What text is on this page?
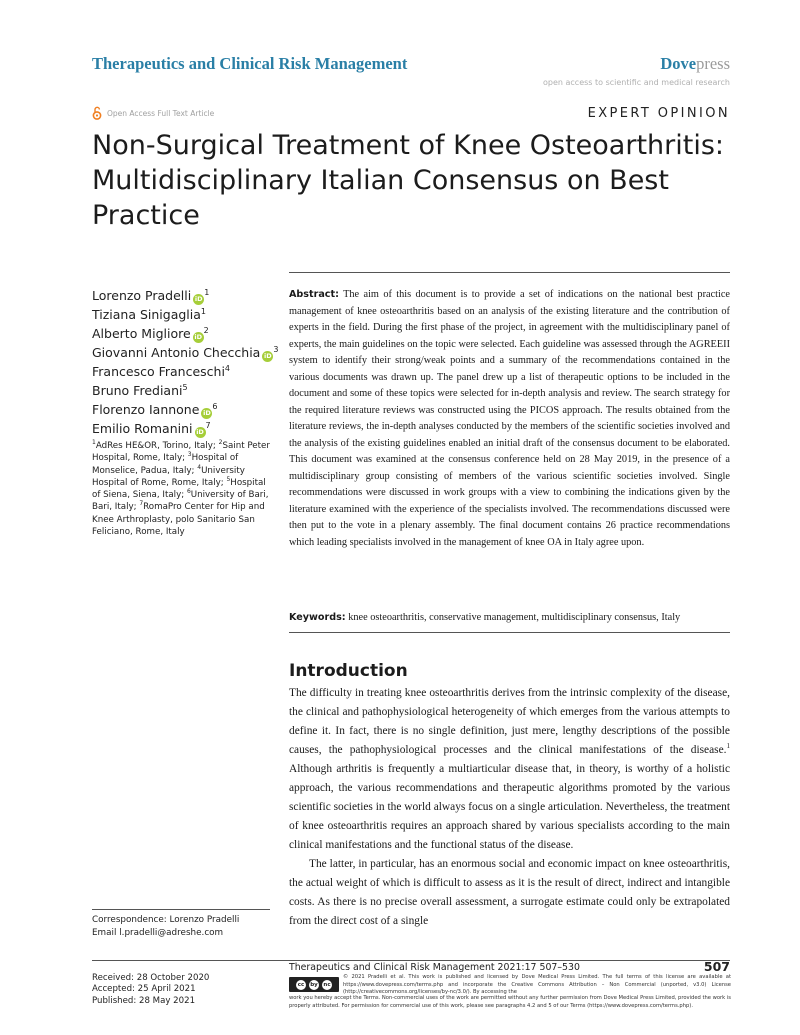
Therapeutics and Clinical Risk Management	Dovepress
open access to scientific and medical research
Open Access Full Text Article	EXPERT OPINION
Non-Surgical Treatment of Knee Osteoarthritis:
Multidisciplinary Italian Consensus on Best Practice
Lorenzo Pradelli $iD^1$
Tiziana Sinigaglia$^1$
Alberto Migliore $iD^2$
Giovanni Antonio Checchia $iD^3$
Francesco Franceschi$^4$
Bruno Frediani$^5$
Florenzo Iannone $iD^6$
Emilio Romanini $iD^7$
$^1$AdRes HE&OR, Torino, Italy; $^2$Saint Peter Hospital, Rome, Italy; $^3$Hospital of Monselice, Padua, Italy; $^4$University Hospital of Rome, Rome, Italy; $^5$Hospital of Siena, Siena, Italy; $^6$University of Bari, Bari, Italy; $^7$RomaPro Center for Hip and Knee Arthroplasty, polo Sanitario San Feliciano, Rome, Italy
Abstract: The aim of this document is to provide a set of indications on the national best practice management of knee osteoarthritis based on an analysis of the existing literature and the contribution of experts in the field. During the first phase of the project, in agreement with the multidisciplinary panel of experts, the main guidelines on the topic were selected. Each guideline was assessed through the AGREEII system to identify their strong/weak points and a summary of the recommendations contained in the various documents was drawn up. The panel drew up a list of therapeutic options to be included in the document and some of these topics were selected for in-depth analysis and review. The search strategy for the required literature reviews was constructed using the PICOS approach. The results obtained from the literature reviews, the in-depth analyses conducted by the members of the scientific societies involved and the analysis of the existing guidelines enabled an initial draft of the consensus document to be elaborated. This document was examined at the consensus conference held on 28 May 2019, in the presence of a multidisciplinary group consisting of members of the various scientific societies involved. Single recommendations were discussed in work groups with a view to combining the indications given by the literature examined with the experience of the specialists involved. The recommendations discussed were then put to the vote in a plenary assembly. The final document contains 26 practice recommendations which leading specialists involved in the management of knee OA in Italy agree upon.
Keywords: knee osteoarthritis, conservative management, multidisciplinary consensus, Italy
Introduction

The difficulty in treating knee osteoarthritis derives from the intrinsic complexity of the disease, the clinical and pathophysiological heterogeneity of which emerges from the various attempts to define it. In fact, there is no single definition, just mere, lengthy descriptions of the possible causes, the pathophysiological processes and the clinical manifestations of the disease.$^1$ Although arthritis is frequently a multiarticular disease that, in theory, is worthy of a holistic approach, the various recommendations and therapeutic algorithms promoted by the various scientific societies in the world always focus on a single articulation. Nevertheless, the treatment of knee osteoarthritis requires an approach shared by various specialists according to the main clinical manifestations and the functional status of the disease.

The latter, in particular, has an enormous social and economic impact on knee osteoarthritis, the actual weight of which is difficult to assess as it is the result of direct, indirect and intangible costs. As there is no precise overall assessment, a surrogate estimate could only be extrapolated from the direct cost of a single

Correspondence: Lorenzo Pradelli
Email l.pradelli@adreshe.com
Received: 28 October 2020
Accepted: 25 April 2021
Published: 28 May 2021
Therapeutics and Clinical Risk Management 2021:17 507–530	507
cc	by nc
© 2021 Pradelli et al. This work is published and licensed by Dove Medical Press Limited. The full terms of this license are available at https://www.dovepress.com/terms.php and incorporate the Creative Commons Attribution – Non Commercial (unported, v3.0) License (http://creativecommons.org/licenses/by-nc/3.0/). By accessing the
work you hereby accept the Terms. Non-commercial uses of the work are permitted without any further permission from Dove Medical Press Limited, provided the work is properly attributed. For permission for commercial use of this work, please see paragraphs 4.2 and 5 of our Terms (https://www.dovepress.com/terms.php).
